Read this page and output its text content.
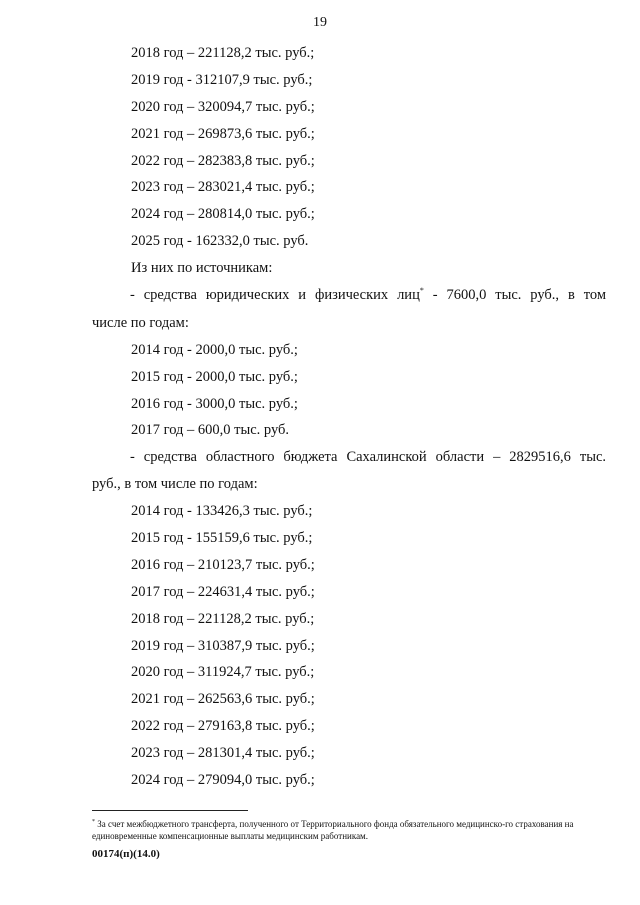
19
2018 год – 221128,2 тыс. руб.;
2019 год - 312107,9 тыс. руб.;
2020 год – 320094,7 тыс. руб.;
2021 год – 269873,6 тыс. руб.;
2022 год – 282383,8 тыс. руб.;
2023 год – 283021,4 тыс. руб.;
2024 год – 280814,0 тыс. руб.;
2025 год - 162332,0 тыс. руб.
Из них по источникам:
- средства юридических и физических лиц* - 7600,0 тыс. руб., в том
числе по годам:
2014 год - 2000,0 тыс. руб.;
2015 год - 2000,0 тыс. руб.;
2016 год - 3000,0 тыс. руб.;
2017 год – 600,0 тыс. руб.
- средства областного бюджета Сахалинской области – 2829516,6 тыс.
руб., в том числе по годам:
2014 год - 133426,3 тыс. руб.;
2015 год - 155159,6 тыс. руб.;
2016 год – 210123,7 тыс. руб.;
2017 год – 224631,4 тыс. руб.;
2018 год – 221128,2 тыс. руб.;
2019 год – 310387,9 тыс. руб.;
2020 год – 311924,7 тыс. руб.;
2021 год – 262563,6 тыс. руб.;
2022 год – 279163,8 тыс. руб.;
2023 год – 281301,4 тыс. руб.;
2024 год – 279094,0 тыс. руб.;
* За счет межбюджетного трансферта, полученного от Территориального фонда обязательного медицинско-го страхования на единовременные компенсационные выплаты медицинским работникам.
00174(п)(14.0)
